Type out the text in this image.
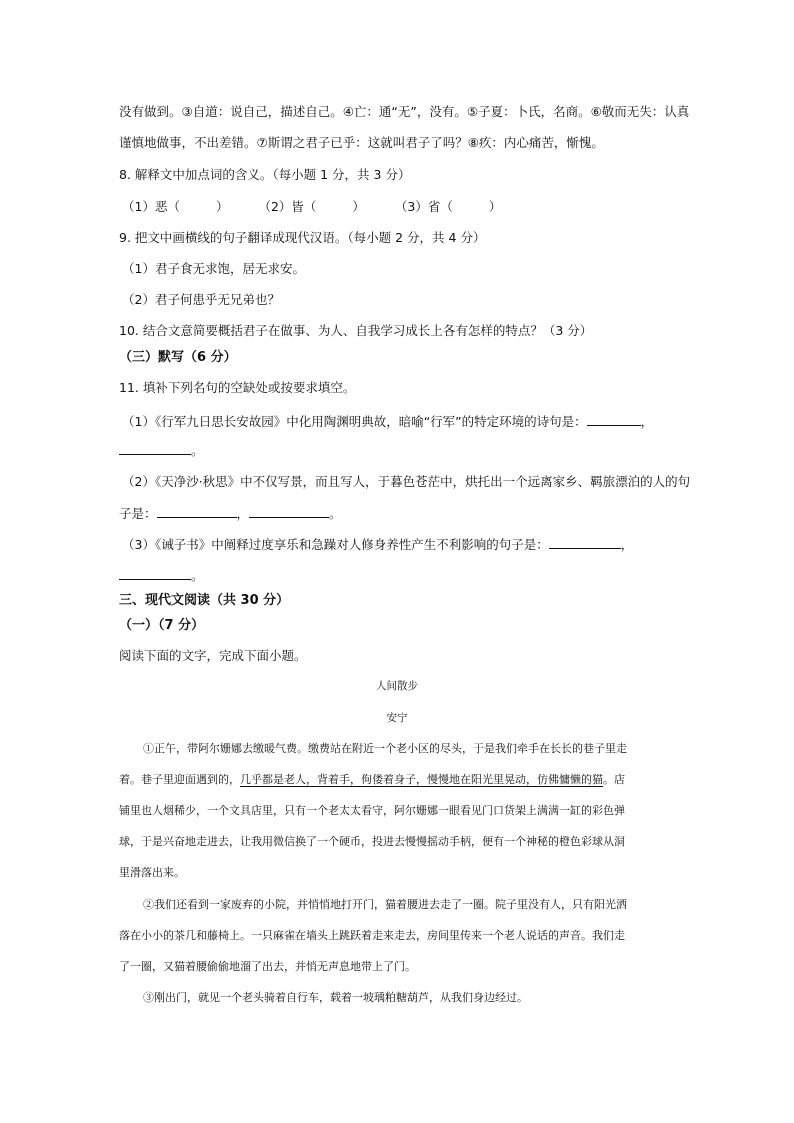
没有做到。③自道：说自己，描述自己。④亡：通“无”，没有。⑤子夏：卜氏，名商。⑥敬而无失：认真
谨慎地做事，不出差错。⑦斯谓之君子已乎：这就叫君子了吗？⑧疚：内心痛苦，惭愧。
8. 解释文中加点词的含义。（每小题 1 分，共 3 分）
（1）恶（	） （2）皆（	） （3）省（	）
9. 把文中画横线的句子翻译成现代汉语。（每小题 2 分，共 4 分）
（1）君子食无求饱，居无求安。
（2）君子何患乎无兄弟也？
10. 结合文意简要概括君子在做事、为人、自我学习成长上各有怎样的特点？（3 分）
（三）默写（6 分）
11. 填补下列名句的空缺处或按要求填空。
（1）《行军九日思长安故园》中化用陶渊明典故，暗喻“行军”的特定环境的诗句是：	，
。
（2）《天净沙·秋思》中不仅写景，而且写人，于暮色苍茫中，烘托出一个远离家乡、羁旅漂泊的人的句
子是：	，	。
（3）《诫子书》中阐释过度享乐和急躁对人修身养性产生不利影响的句子是：	，
。
三、现代文阅读（共 30 分）
（一）（7 分）
阅读下面的文字，完成下面小题。
人间散步
安宁
①正午，带阿尔姗娜去缴暖气费。缴费站在附近一个老小区的尽头，于是我们牵手在长长的巷子里走
着。巷子里迎面遇到的，几乎都是老人，背着手，佝偻着身子，慢慢地在阳光里晃动，仿佛慵懒的猫。店
铺里也人烟稀少，一个文具店里，只有一个老太太看守，阿尔姗娜一眼看见门口货架上满满一缸的彩色弹
球，于是兴奋地走进去，让我用微信换了一个硬币，投进去慢慢摇动手柄，便有一个神秘的橙色彩球从洞
里滑落出来。
②我们还看到一家废弃的小院，并悄悄地打开门，猫着腰进去走了一圈。院子里没有人，只有阳光洒
落在小小的茶几和藤椅上。一只麻雀在墙头上跳跃着走来走去，房间里传来一个老人说话的声音。我们走
了一圈，又猫着腰偷偷地溜了出去，并悄无声息地带上了门。
③刚出门，就见一个老头骑着自行车，载着一坡瑀粕糖葫芦，从我们身边经过。
